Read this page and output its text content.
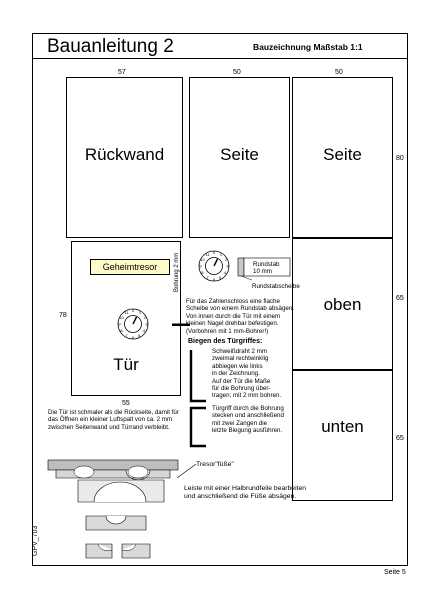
Bauanleitung 2	Bauzeichnung Maßstab 1:1
57	50	50
Rückwand	Seite	Seite	80
oben
unten
65
65
Tür
Geheimtresor
78
55
0 1
2
3
4
5
6
7
8
9
10
11
Bohrung 2 mm
0 1
2
3
4
5
6
7
8
9
10
11
Rundstab
10 mm
Rundstabscheibe
Für das Zahlenschloss eine flache
Scheibe von einem Rundstab absägen.
Von innen durch die Tür mit einem
kleinen Nagel drehbar befestigen.
(Vorbohren mit 1 mm-Bohrer!)
Biegen des Türgriffes:
Schweißdraht 2 mm
zweimal rechtwinklig
abbiegen wie links
in der Zeichnung.
Auf der Tür die Maße
für die Bohrung über-
tragen; mit 2 mm bohren.
Türgriff durch die Bohrung
stecken und anschließend
mit zwei Zangen die
letzte Biegung ausführen.
Die Tür ist schmaler als die Rückseite, damit für
das Öffnen ein kleiner Luftspalt von ca. 2 mm
zwischen Seitenwand und Türrand verbleibt.
Tresor"füße"
Leiste mit einer Halbrundfeile bearbeiten
und anschließend die Füße absägen.
GPV_703
Seite 5
